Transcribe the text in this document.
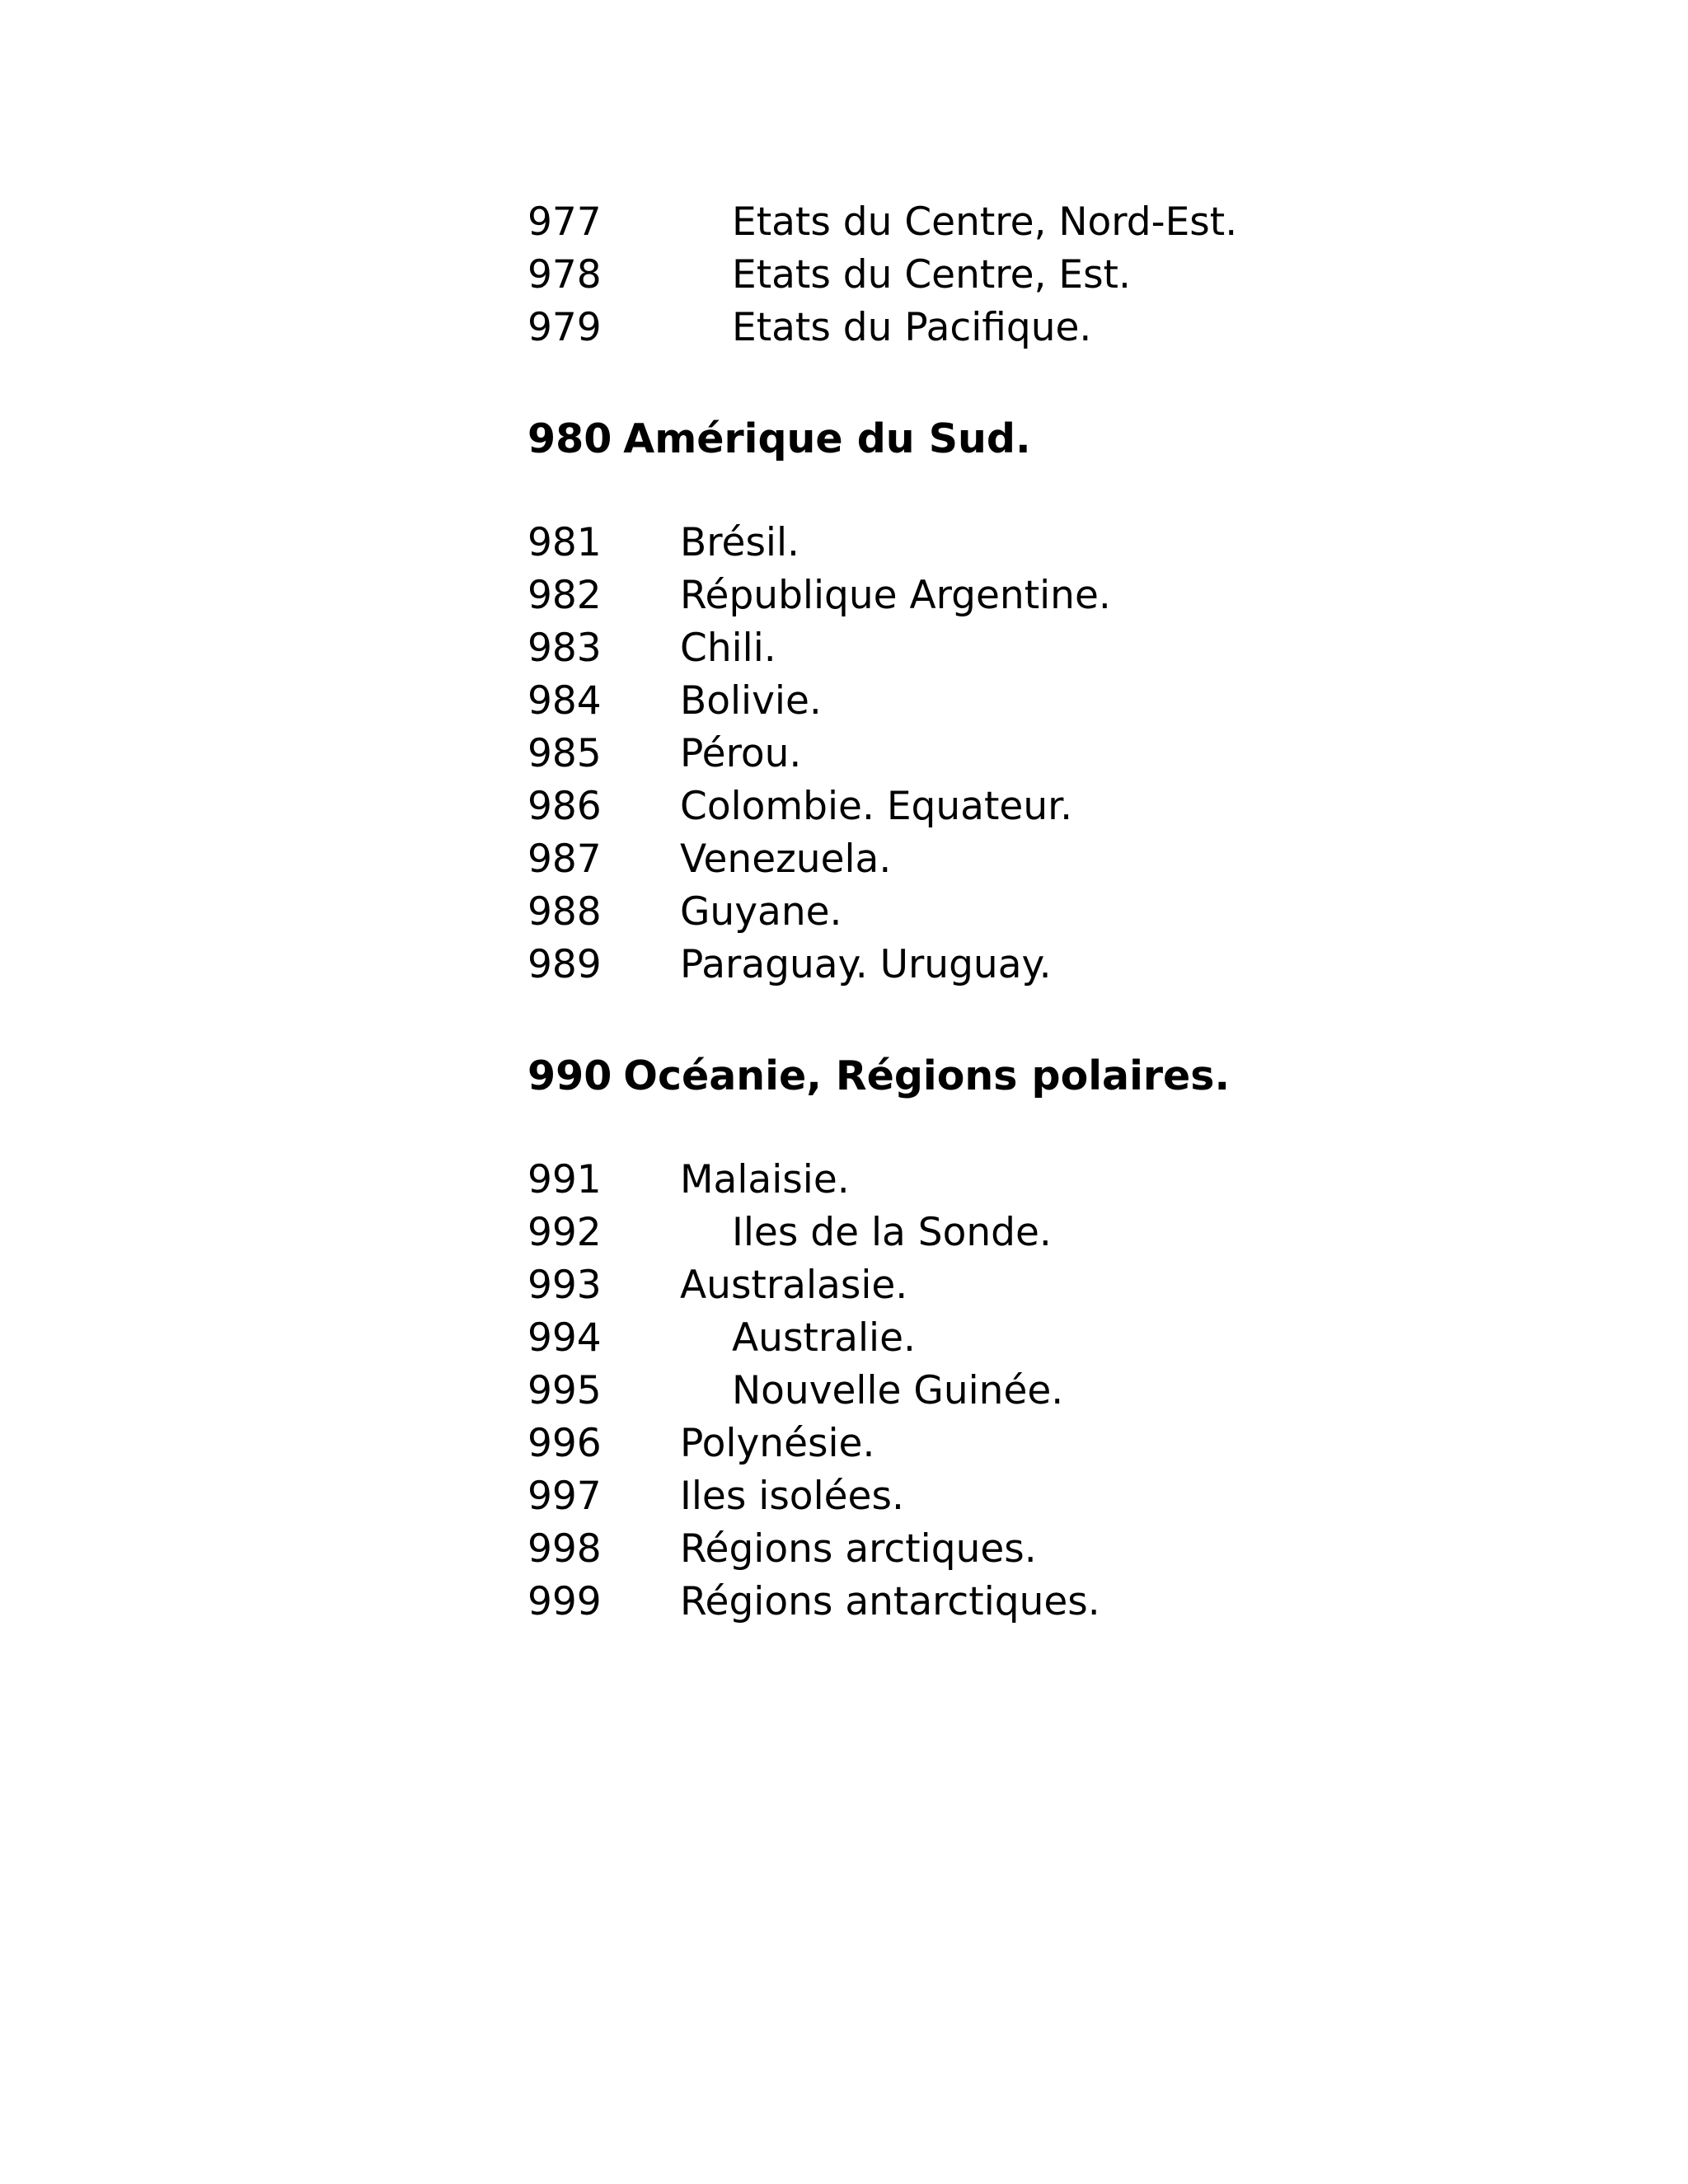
977	Etats du Centre, Nord-Est.
978	Etats du Centre, Est.
979	Etats du Pacifique.
980 Amérique du Sud.
981 Brésil.
982 République Argentine.
983 Chili.
984 Bolivie.
985 Pérou.
986 Colombie. Equateur.
987 Venezuela.
988 Guyane.
989 Paraguay. Uruguay.
990 Océanie, Régions polaires.
991 Malaisie.
992	Iles de la Sonde.
993 Australasie.
994	Australie.
995	Nouvelle Guinée.
996 Polynésie.
997 Iles isolées.
998 Régions arctiques.
999 Régions antarctiques.
